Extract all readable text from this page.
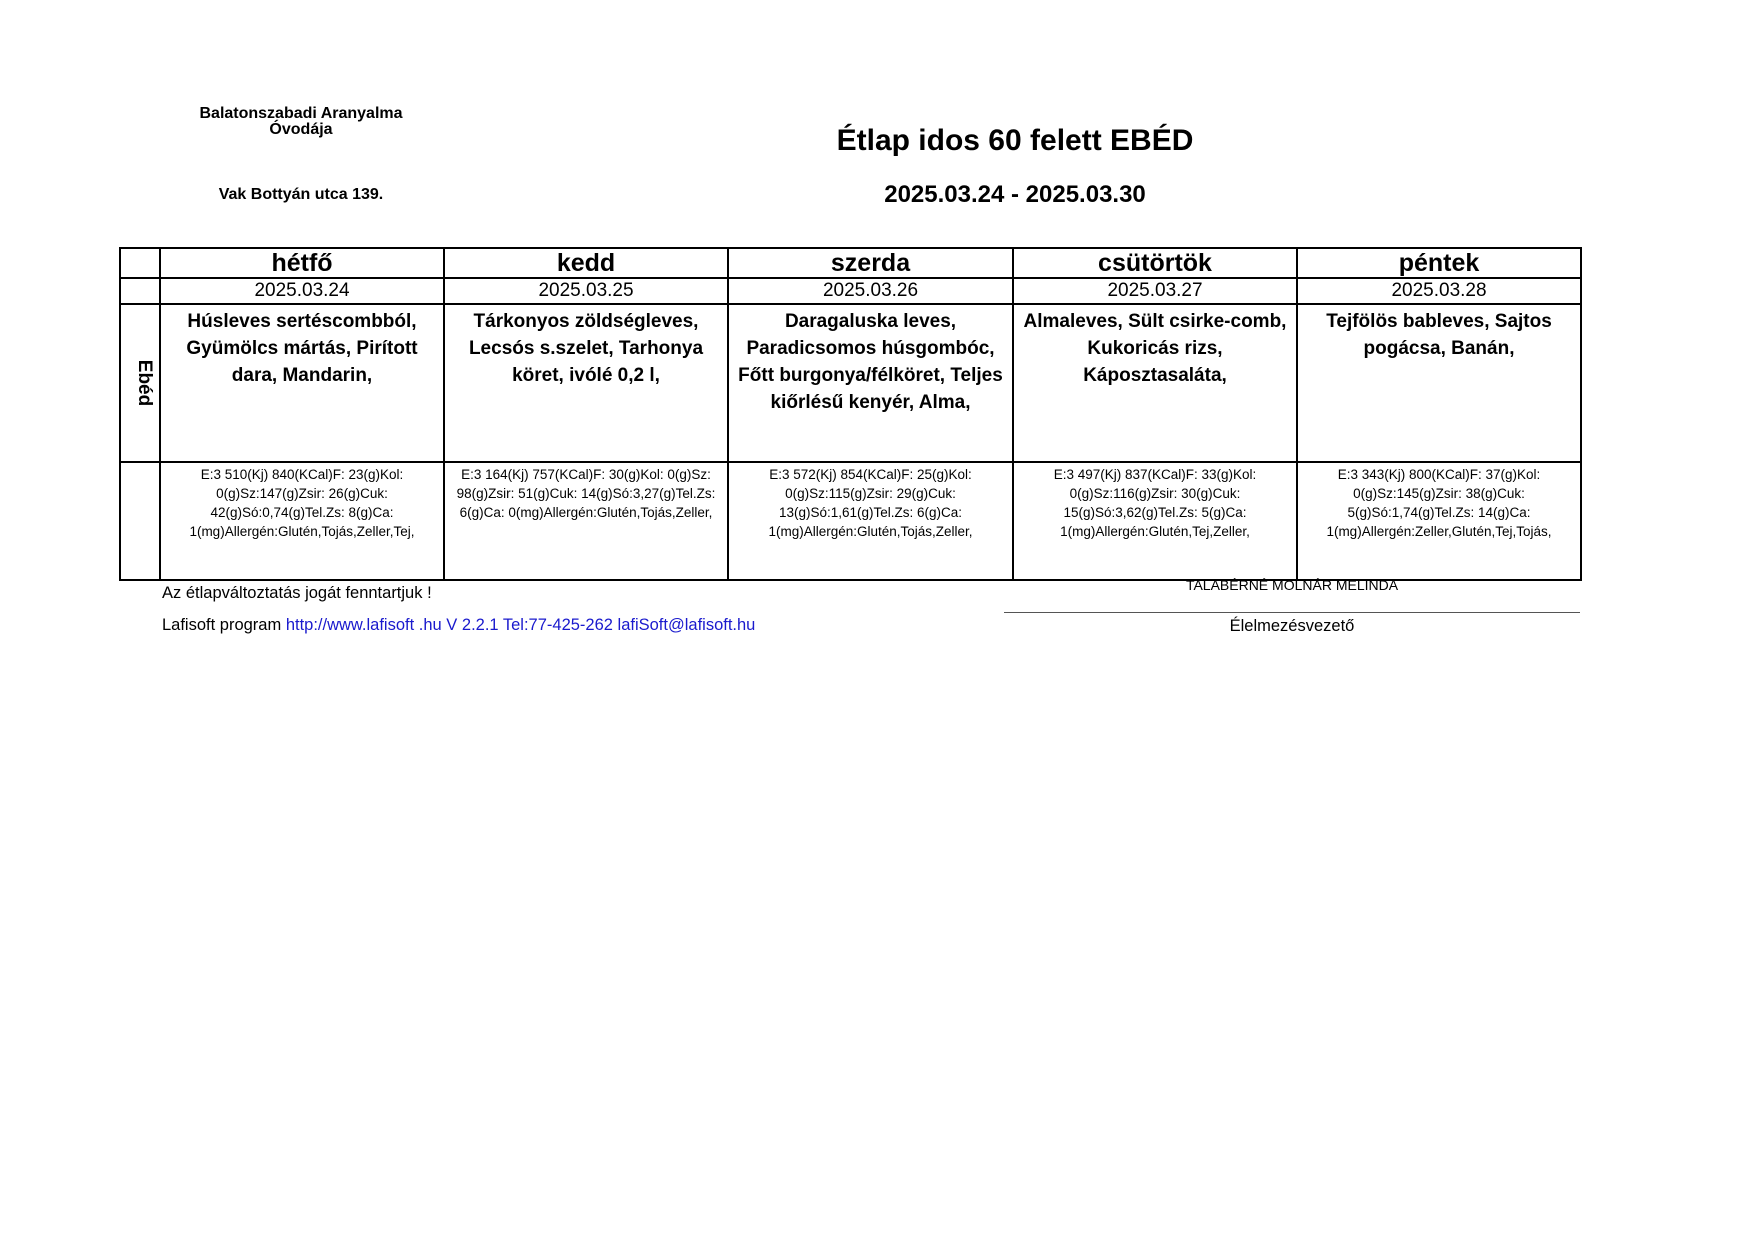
Balatonszabadi Aranyalma
Óvodája
Vak Bottyán utca 139.
Étlap idos 60 felett EBÉD
2025.03.24 - 2025.03.30
	hétfő	kedd	szerda	csütörtök	péntek
	2025.03.24	2025.03.25	2025.03.26	2025.03.27	2025.03.28
Ebéd	Húsleves sertéscombból, Gyümölcs mártás, Pirított dara, Mandarin,	Tárkonyos zöldségleves, Lecsós s.szelet, Tarhonya köret, ivólé 0,2 l,	Daragaluska leves, Paradicsomos húsgombóc, Főtt burgonya/félköret, Teljes kiőrlésű kenyér, Alma,	Almaleves, Sült csirke-comb, Kukoricás rizs, Káposztasaláta,	Tejfölös bableves, Sajtos pogácsa, Banán,
	E:3 510(Kj) 840(KCal)F: 23(g)Kol: 0(g)Sz:147(g)Zsir: 26(g)Cuk: 42(g)Só:0,74(g)Tel.Zs: 8(g)Ca: 1(mg)Allergén:Glutén,Tojás,Zeller,Tej,	E:3 164(Kj) 757(KCal)F: 30(g)Kol: 0(g)Sz: 98(g)Zsir: 51(g)Cuk: 14(g)Só:3,27(g)Tel.Zs: 6(g)Ca: 0(mg)Allergén:Glutén,Tojás,Zeller,	E:3 572(Kj) 854(KCal)F: 25(g)Kol: 0(g)Sz:115(g)Zsir: 29(g)Cuk: 13(g)Só:1,61(g)Tel.Zs: 6(g)Ca: 1(mg)Allergén:Glutén,Tojás,Zeller,	E:3 497(Kj) 837(KCal)F: 33(g)Kol: 0(g)Sz:116(g)Zsir: 30(g)Cuk: 15(g)Só:3,62(g)Tel.Zs: 5(g)Ca: 1(mg)Allergén:Glutén,Tej,Zeller,	E:3 343(Kj) 800(KCal)F: 37(g)Kol: 0(g)Sz:145(g)Zsir: 38(g)Cuk: 5(g)Só:1,74(g)Tel.Zs: 14(g)Ca: 1(mg)Allergén:Zeller,Glutén,Tej,Tojás,
Az étlapváltoztatás jogát fenntartjuk !
Lafisoft program http://www.lafisoft .hu V 2.2.1 Tel:77-425-262 lafiSoft@lafisoft.hu
TALABÉRNÉ MOLNÁR MELINDA
Élelmezésvezető
